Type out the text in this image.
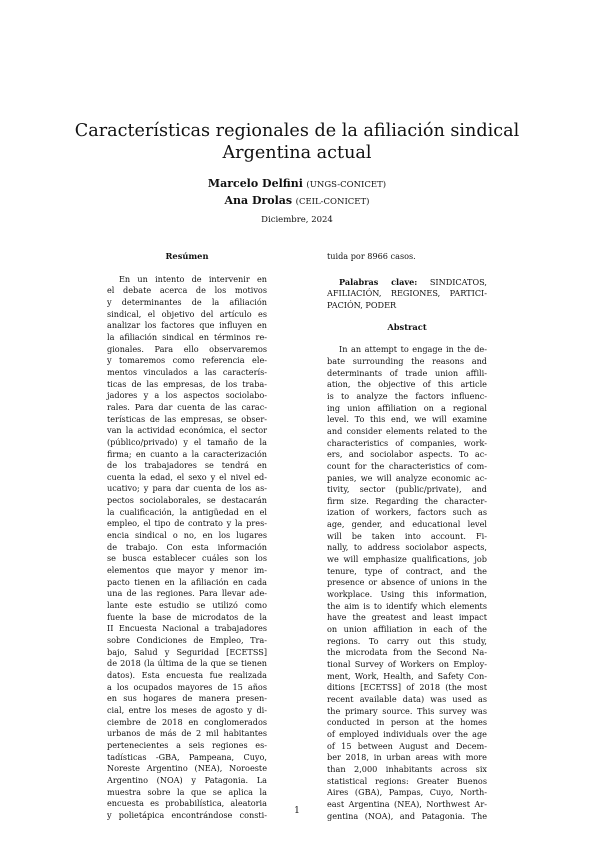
Características regionales de la afiliación sindical
Argentina actual
Marcelo Delfini (UNGS-CONICET)
Ana Drolas (CEIL-CONICET)
Diciembre, 2024
Resúmen

En un intento de intervenir en
el debate acerca de los motivos
y determinantes de la afiliación
sindical, el objetivo del artículo es
analizar los factores que influyen en
la afiliación sindical en términos re-
gionales. Para ello observaremos
y tomaremos como referencia ele-
mentos vinculados a las caracterís-
ticas de las empresas, de los traba-
jadores y a los aspectos sociolabo-
rales. Para dar cuenta de las carac-
terísticas de las empresas, se obser-
van la actividad económica, el sector
(público/privado) y el tamaño de la
firma; en cuanto a la caracterización
de los trabajadores se tendrá en
cuenta la edad, el sexo y el nivel ed-
ucativo; y para dar cuenta de los as-
pectos sociolaborales, se destacarán
la cualificación, la antigüedad en el
empleo, el tipo de contrato y la pres-
encia sindical o no, en los lugares
de trabajo. Con esta información
se busca establecer cuáles son los
elementos que mayor y menor im-
pacto tienen en la afiliación en cada
una de las regiones. Para llevar ade-
lante este estudio se utilizó como
fuente la base de microdatos de la
II Encuesta Nacional a trabajadores
sobre Condiciones de Empleo, Tra-
bajo, Salud y Seguridad [ECETSS]
de 2018 (la última de la que se tienen
datos). Esta encuesta fue realizada
a los ocupados mayores de 15 años
en sus hogares de manera presen-
cial, entre los meses de agosto y di-
ciembre de 2018 en conglomerados
urbanos de más de 2 mil habitantes
pertenecientes a seis regiones es-
tadísticas -GBA, Pampeana, Cuyo,
Noreste Argentino (NEA), Noroeste
Argentino (NOA) y Patagonia. La
muestra sobre la que se aplica la
encuesta es probabilística, aleatoria
y polietápica encontrándose consti-

tuida por 8966 casos.

Palabras clave: SINDICATOS,
AFILIACIÓN, REGIONES, PARTICI-
PACIÓN, PODER

Abstract

In an attempt to engage in the de-
bate surrounding the reasons and
determinants of trade union affili-
ation, the objective of this article
is to analyze the factors influenc-
ing union affiliation on a regional
level. To this end, we will examine
and consider elements related to the
characteristics of companies, work-
ers, and sociolabor aspects. To ac-
count for the characteristics of com-
panies, we will analyze economic ac-
tivity, sector (public/private), and
firm size. Regarding the character-
ization of workers, factors such as
age, gender, and educational level
will be taken into account. Fi-
nally, to address sociolabor aspects,
we will emphasize qualifications, job
tenure, type of contract, and the
presence or absence of unions in the
workplace. Using this information,
the aim is to identify which elements
have the greatest and least impact
on union affiliation in each of the
regions. To carry out this study,
the microdata from the Second Na-
tional Survey of Workers on Employ-
ment, Work, Health, and Safety Con-
ditions [ECETSS] of 2018 (the most
recent available data) was used as
the primary source. This survey was
conducted in person at the homes
of employed individuals over the age
of 15 between August and Decem-
ber 2018, in urban areas with more
than 2,000 inhabitants across six
statistical regions: Greater Buenos
Aires (GBA), Pampas, Cuyo, North-
east Argentina (NEA), Northwest Ar-
gentina (NOA), and Patagonia. The

1
